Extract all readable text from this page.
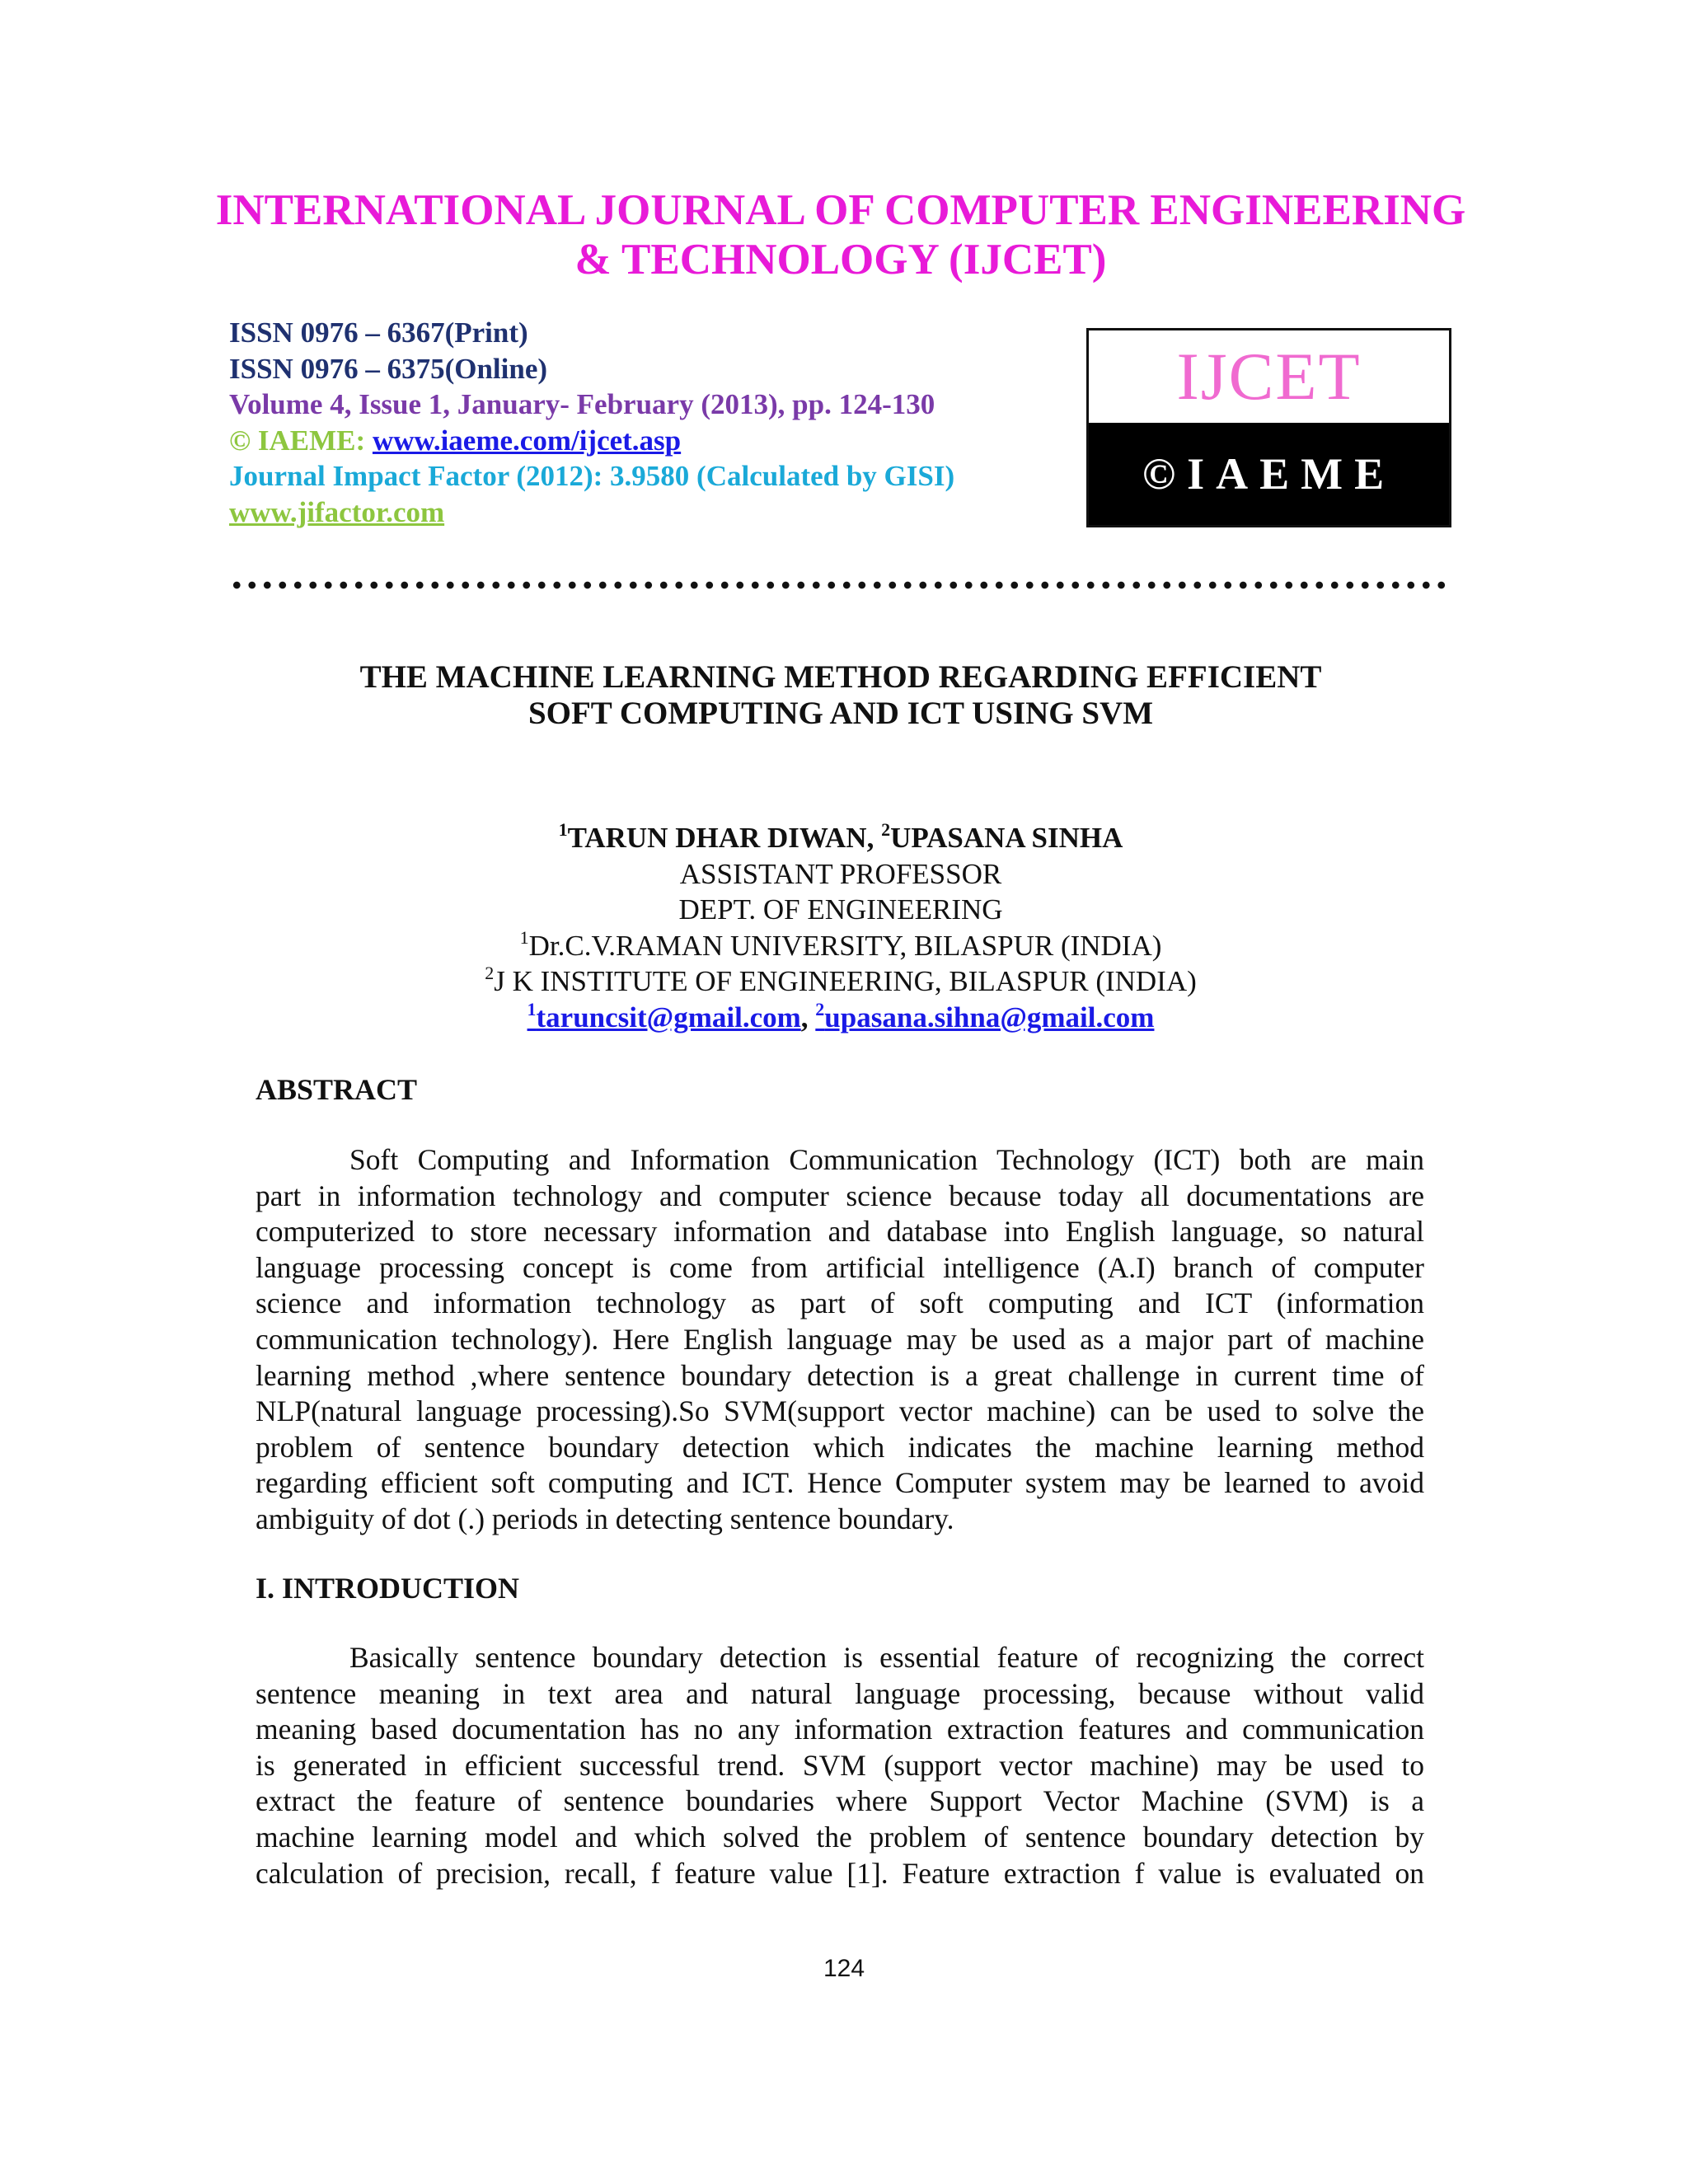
INTERNATIONAL JOURNAL OF COMPUTER ENGINEERING
& TECHNOLOGY (IJCET)
ISSN 0976 – 6367(Print)
ISSN 0976 – 6375(Online)
Volume 4, Issue 1, January- February (2013), pp. 124-130
© IAEME: www.iaeme.com/ijcet.asp
Journal Impact Factor (2012): 3.9580 (Calculated by GISI)
www.jifactor.com
IJCET
©IAEME
THE MACHINE LEARNING METHOD REGARDING EFFICIENT
SOFT COMPUTING AND ICT USING SVM
$^1$TARUN DHAR DIWAN, $^2$UPASANA SINHA
ASSISTANT PROFESSOR
DEPT. OF ENGINEERING
$^1$Dr.C.V.RAMAN UNIVERSITY, BILASPUR (INDIA)
$^2$J K INSTITUTE OF ENGINEERING, BILASPUR (INDIA)
$^1$taruncsit@gmail.com, $^2$upasana.sihna@gmail.com
ABSTRACT
Soft Computing and Information Communication Technology (ICT) both are main
part in information technology and computer science because today all documentations are
computerized to store necessary information and database into English language, so natural
language processing concept is come from artificial intelligence (A.I) branch of computer
science and information technology as part of soft computing and ICT (information
communication technology). Here English language may be used as a major part of machine
learning method ,where sentence boundary detection is a great challenge in current time of
NLP(natural language processing).So SVM(support vector machine) can be used to solve the
problem of sentence boundary detection which indicates the machine learning method
regarding efficient soft computing and ICT. Hence Computer system may be learned to avoid
ambiguity of dot (.) periods in detecting sentence boundary.
I. INTRODUCTION
Basically sentence boundary detection is essential feature of recognizing the correct
sentence meaning in text area and natural language processing, because without valid
meaning based documentation has no any information extraction features and communication
is generated in efficient successful trend. SVM (support vector machine) may be used to
extract the feature of sentence boundaries where Support Vector Machine (SVM) is a
machine learning model and which solved the problem of sentence boundary detection by
calculation of precision, recall, f feature value [1]. Feature extraction f value is evaluated on
124
